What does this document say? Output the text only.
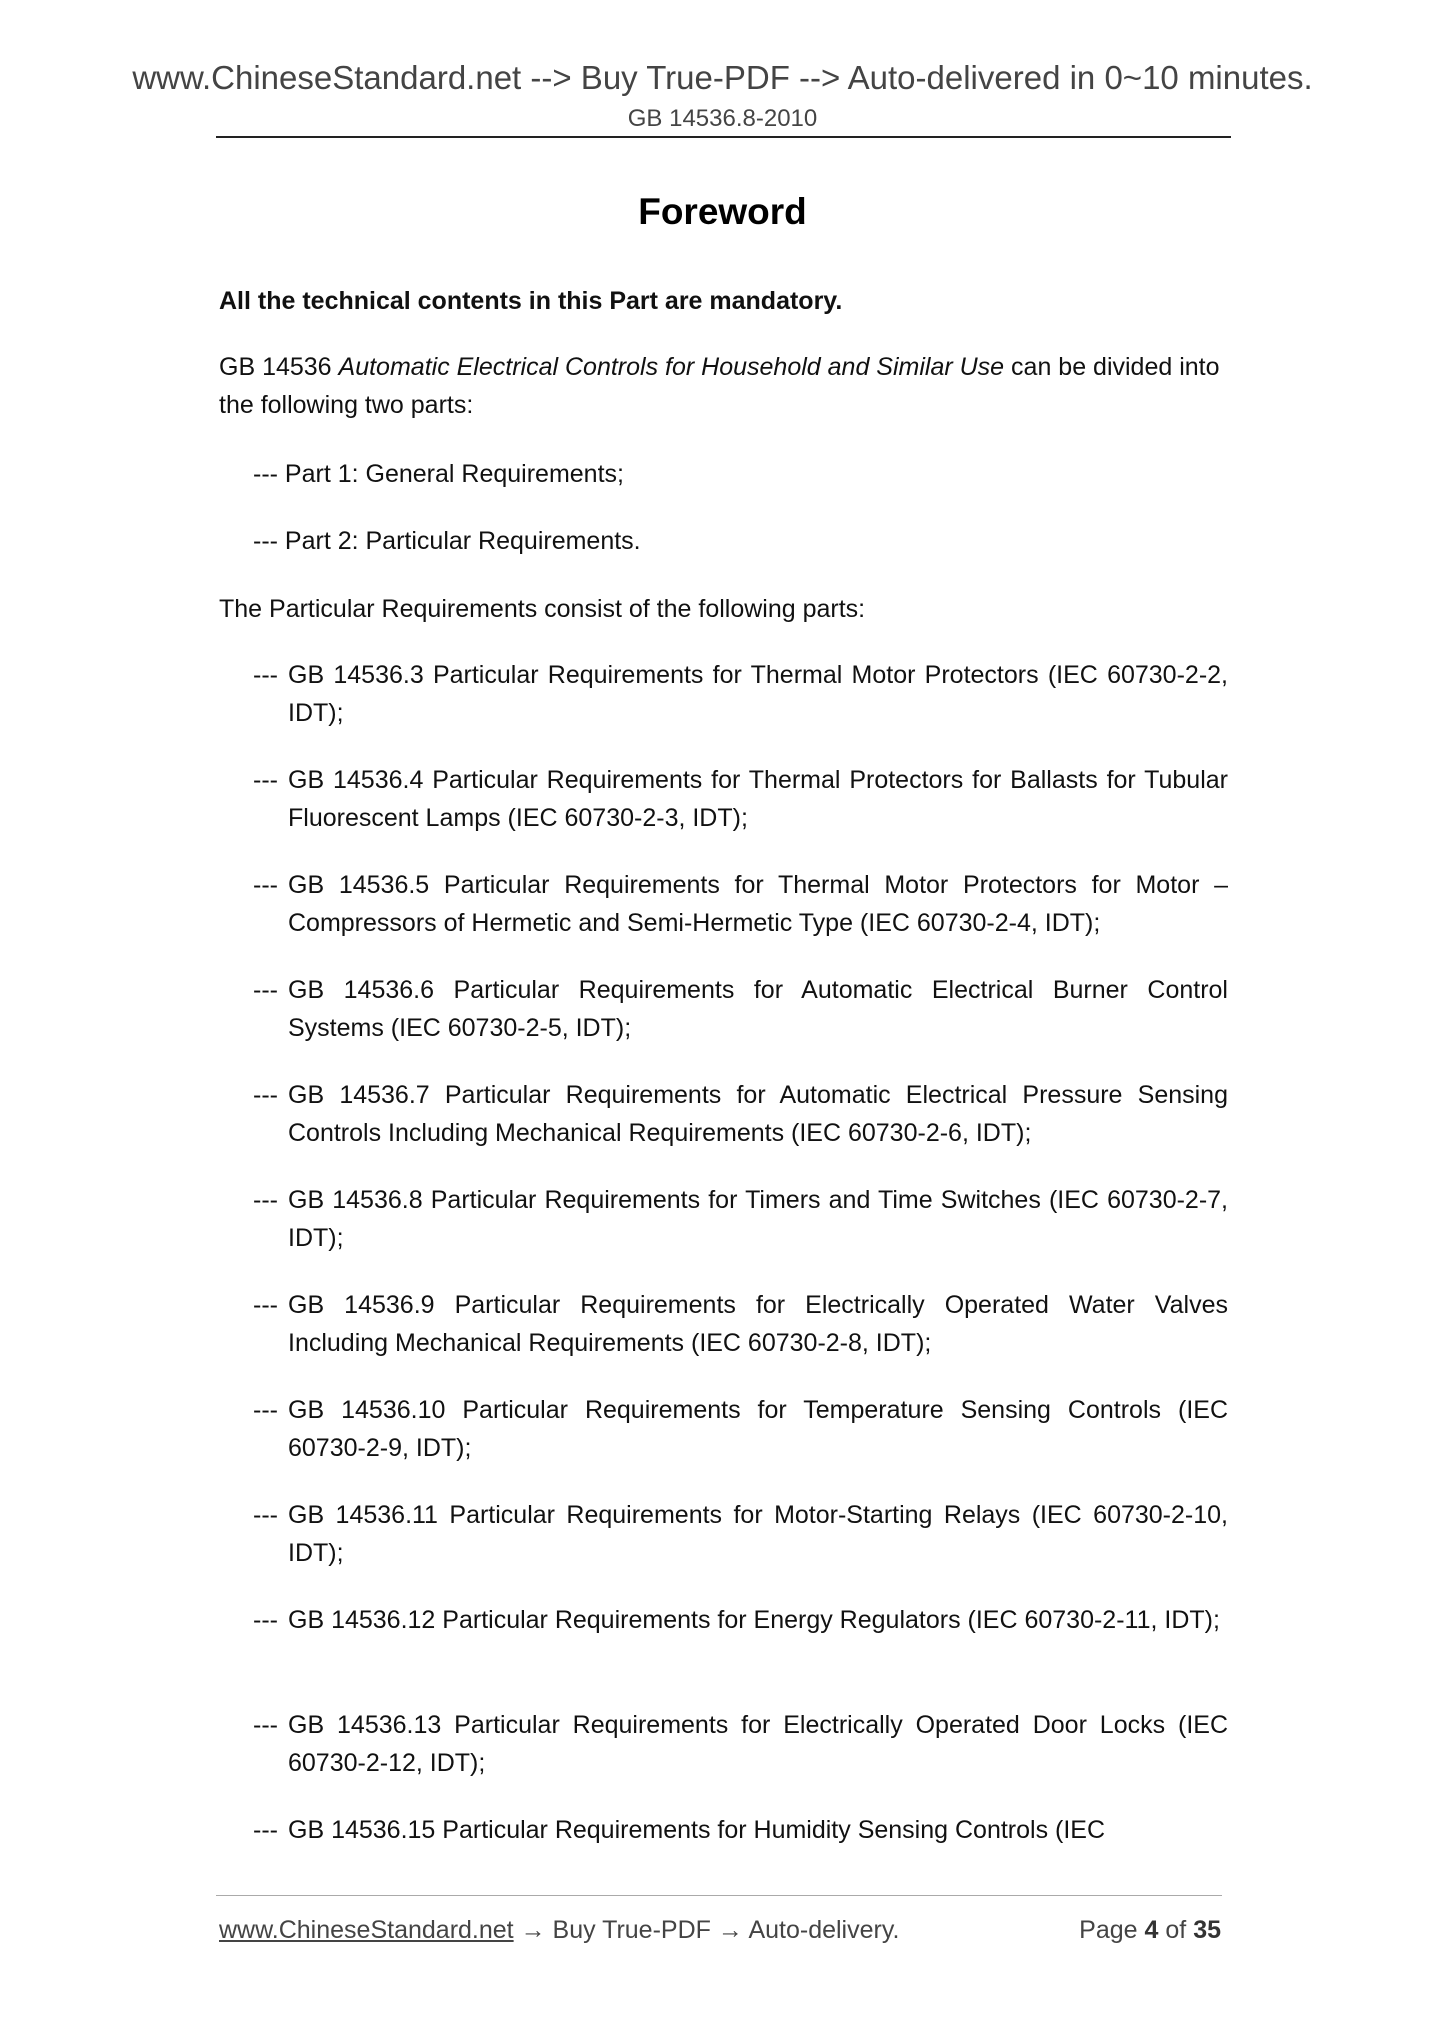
www.ChineseStandard.net --> Buy True-PDF --> Auto-delivered in 0~10 minutes.
GB 14536.8-2010
Foreword
All the technical contents in this Part are mandatory.
GB 14536 Automatic Electrical Controls for Household and Similar Use can be divided into the following two parts:
--- Part 1: General Requirements;
--- Part 2: Particular Requirements.
The Particular Requirements consist of the following parts:
--- GB 14536.3 Particular Requirements for Thermal Motor Protectors (IEC 60730-2-2, IDT);
--- GB 14536.4 Particular Requirements for Thermal Protectors for Ballasts for Tubular Fluorescent Lamps (IEC 60730-2-3, IDT);
--- GB 14536.5 Particular Requirements for Thermal Motor Protectors for Motor – Compressors of Hermetic and Semi-Hermetic Type (IEC 60730-2-4, IDT);
--- GB 14536.6 Particular Requirements for Automatic Electrical Burner Control Systems (IEC 60730-2-5, IDT);
--- GB 14536.7 Particular Requirements for Automatic Electrical Pressure Sensing Controls Including Mechanical Requirements (IEC 60730-2-6, IDT);
--- GB 14536.8 Particular Requirements for Timers and Time Switches (IEC 60730-2-7, IDT);
--- GB 14536.9 Particular Requirements for Electrically Operated Water Valves Including Mechanical Requirements (IEC 60730-2-8, IDT);
--- GB 14536.10 Particular Requirements for Temperature Sensing Controls (IEC 60730-2-9, IDT);
--- GB 14536.11 Particular Requirements for Motor-Starting Relays (IEC 60730-2-10, IDT);
--- GB 14536.12 Particular Requirements for Energy Regulators (IEC 60730-2-11, IDT);
--- GB 14536.13 Particular Requirements for Electrically Operated Door Locks (IEC 60730-2-12, IDT);
--- GB 14536.15 Particular Requirements for Humidity Sensing Controls (IEC
www.ChineseStandard.net → Buy True-PDF → Auto-delivery.	Page 4 of 35
